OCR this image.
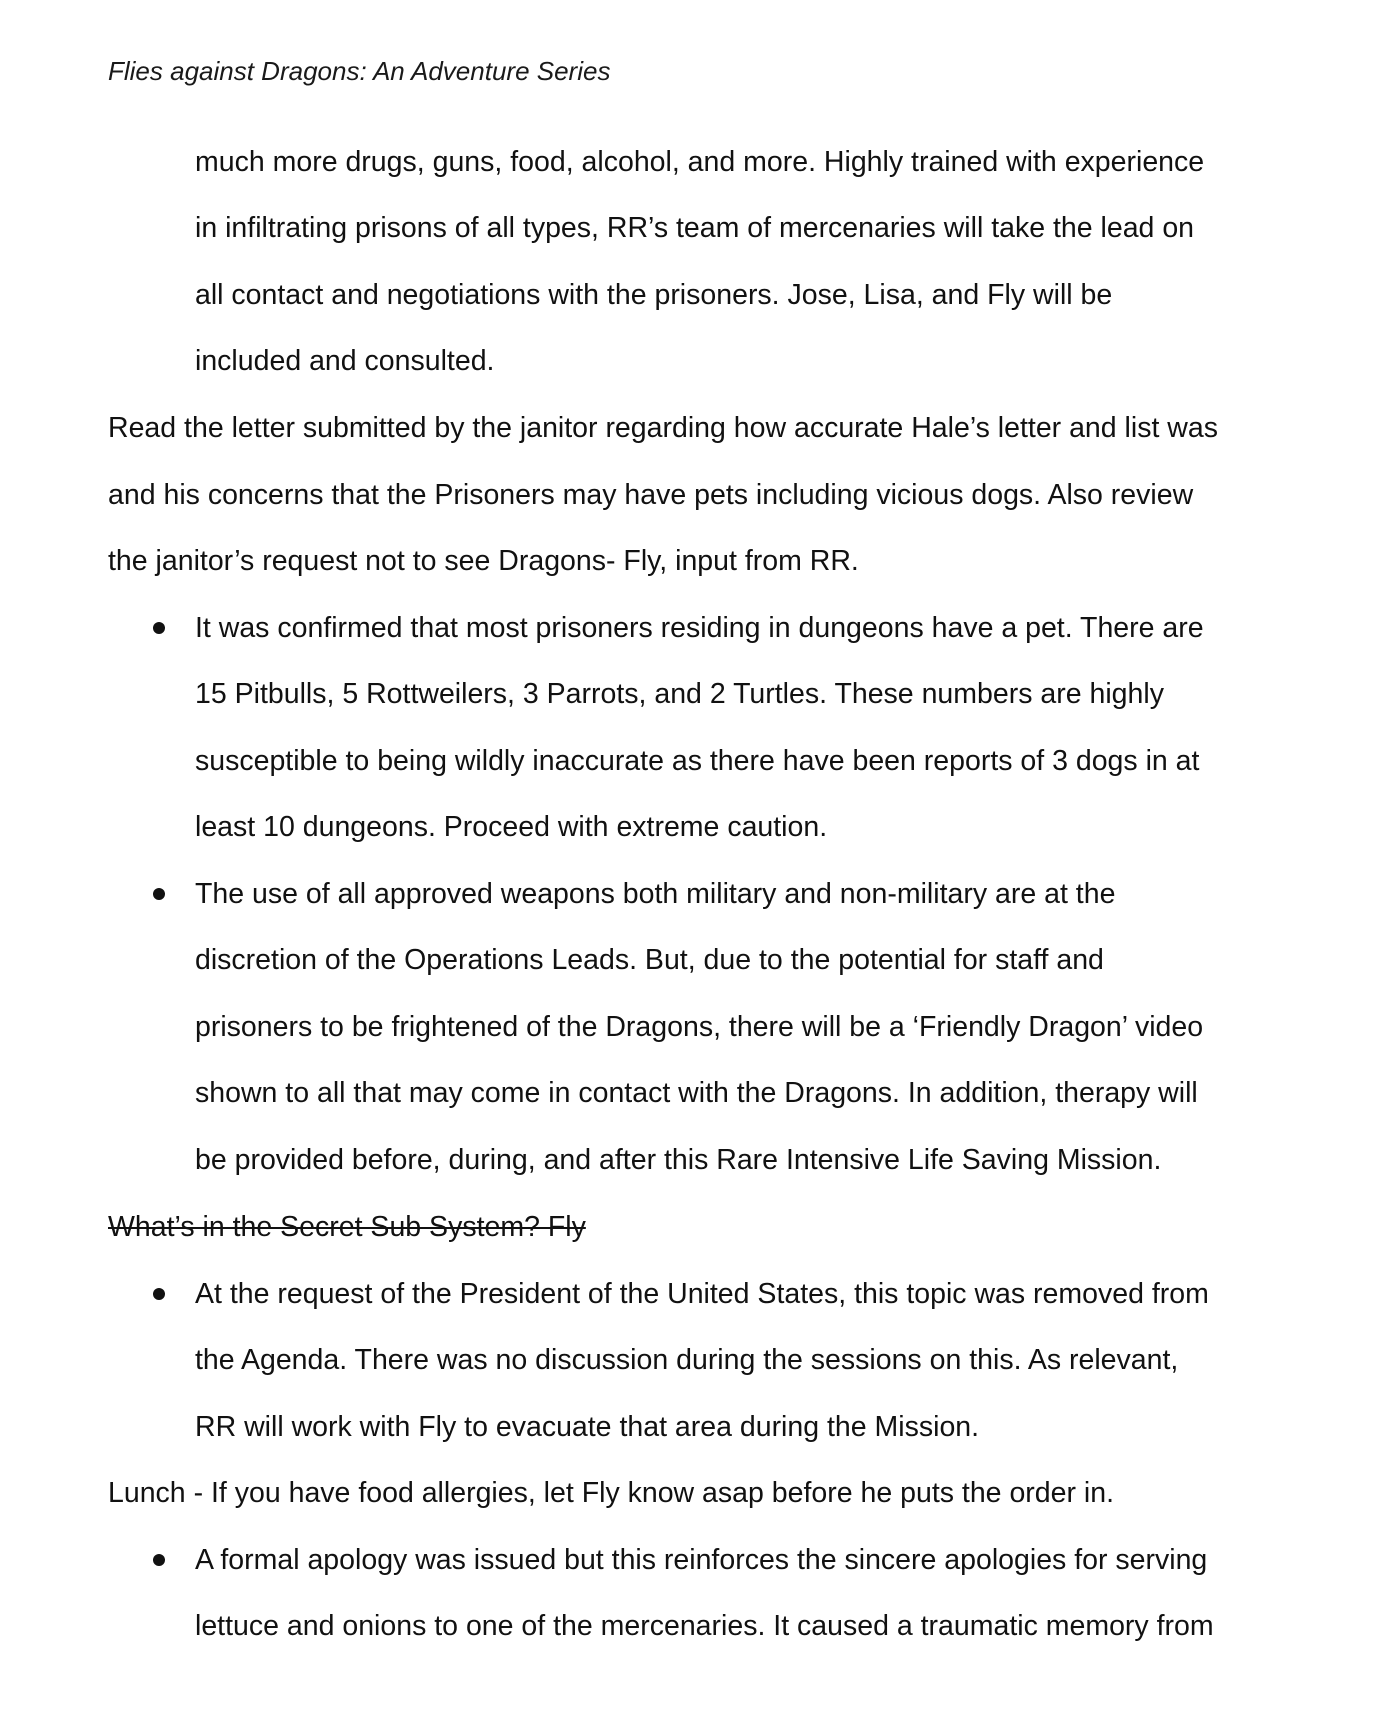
Flies against Dragons: An Adventure Series
much more drugs, guns, food, alcohol, and more. Highly trained with experience
in infiltrating prisons of all types, RR’s team of mercenaries will take the lead on
all contact and negotiations with the prisoners. Jose, Lisa, and Fly will be
included and consulted.
Read the letter submitted by the janitor regarding how accurate Hale’s letter and list was
and his concerns that the Prisoners may have pets including vicious dogs. Also review
the janitor’s request not to see Dragons- Fly, input from RR.
It was confirmed that most prisoners residing in dungeons have a pet. There are
15 Pitbulls, 5 Rottweilers, 3 Parrots, and 2 Turtles. These numbers are highly
susceptible to being wildly inaccurate as there have been reports of 3 dogs in at
least 10 dungeons. Proceed with extreme caution.
The use of all approved weapons both military and non-military are at the
discretion of the Operations Leads. But, due to the potential for staff and
prisoners to be frightened of the Dragons, there will be a ‘Friendly Dragon’ video
shown to all that may come in contact with the Dragons. In addition, therapy will
be provided before, during, and after this Rare Intensive Life Saving Mission.
What’s in the Secret Sub System? Fly
At the request of the President of the United States, this topic was removed from
the Agenda. There was no discussion during the sessions on this. As relevant,
RR will work with Fly to evacuate that area during the Mission.
Lunch - If you have food allergies, let Fly know asap before he puts the order in.
A formal apology was issued but this reinforces the sincere apologies for serving
lettuce and onions to one of the mercenaries. It caused a traumatic memory from
